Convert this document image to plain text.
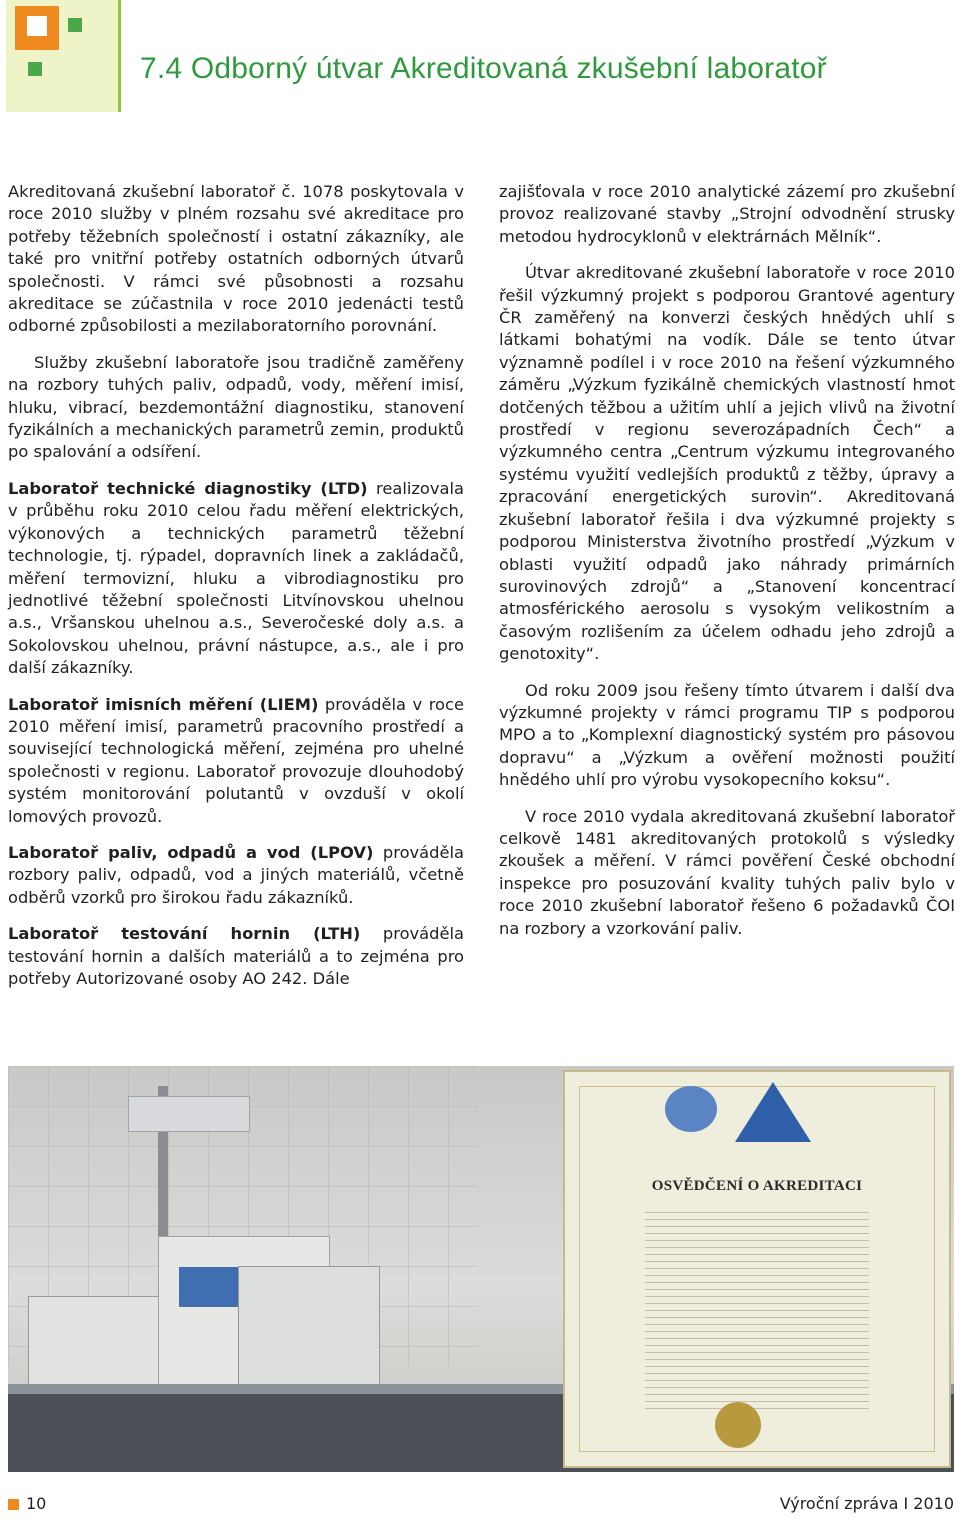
7.4 Odborný útvar Akreditovaná zkušební laboratoř

Akreditovaná zkušební laboratoř č. 1078 poskytovala v roce 2010 služby v plném rozsahu své akreditace pro potřeby těžebních společností i ostatní zákazníky, ale také pro vnitřní potřeby ostatních odborných útvarů společnosti. V rámci své působnosti a rozsahu akreditace se zúčastnila v roce 2010 jedenácti testů odborné způsobilosti a mezilaboratorního porovnání.

Služby zkušební laboratoře jsou tradičně zaměřeny na rozbory tuhých paliv, odpadů, vody, měření imisí, hluku, vibrací, bezdemontážní diagnostiku, stanovení fyzikálních a mechanických parametrů zemin, produktů po spalování a odsíření.

Laboratoř technické diagnostiky (LTD) realizovala v průběhu roku 2010 celou řadu měření elektrických, výkonových a technických parametrů těžební technologie, tj. rýpadel, dopravních linek a zakládačů, měření termovizní, hluku a vibrodiagnostiku pro jednotlivé těžební společnosti Litvínovskou uhelnou a.s., Vršanskou uhelnou a.s., Severočeské doly a.s. a Sokolovskou uhelnou, právní nástupce, a.s., ale i pro další zákazníky.

Laboratoř imisních měření (LIEM) prováděla v roce 2010 měření imisí, parametrů pracovního prostředí a související technologická měření, zejména pro uhelné společnosti v regionu. Laboratoř provozuje dlouhodobý systém monitorování polutantů v ovzduší v okolí lomových provozů.

Laboratoř paliv, odpadů a vod (LPOV) prováděla rozbory paliv, odpadů, vod a jiných materiálů, včetně odběrů vzorků pro širokou řadu zákazníků.

Laboratoř testování hornin (LTH) prováděla testování hornin a dalších materiálů a to zejména pro potřeby Autorizované osoby AO 242. Dále

zajišťovala v roce 2010 analytické zázemí pro zkušební provoz realizované stavby „Strojní odvodnění strusky metodou hydrocyklonů v elektrárnách Mělník“.

Útvar akreditované zkušební laboratoře v roce 2010 řešil výzkumný projekt s podporou Grantové agentury ČR zaměřený na konverzi českých hnědých uhlí s látkami bohatými na vodík. Dále se tento útvar významně podílel i v roce 2010 na řešení výzkumného záměru „Výzkum fyzikálně chemických vlastností hmot dotčených těžbou a užitím uhlí a jejich vlivů na životní prostředí v regionu severozápadních Čech“ a výzkumného centra „Centrum výzkumu integrovaného systému využití vedlejších produktů z těžby, úpravy a zpracování energetických surovin“. Akreditovaná zkušební laboratoř řešila i dva výzkumné projekty s podporou Ministerstva životního prostředí „Výzkum v oblasti využití odpadů jako náhrady primárních surovinových zdrojů“ a „Stanovení koncentrací atmosférického aerosolu s vysokým velikostním a časovým rozlišením za účelem odhadu jeho zdrojů a genotoxity“.

Od roku 2009 jsou řešeny tímto útvarem i další dva výzkumné projekty v rámci programu TIP s podporou MPO a to „Komplexní diagnostický systém pro pásovou dopravu“ a „Výzkum a ověření možnosti použití hnědého uhlí pro výrobu vysokopecního koksu“.

V roce 2010 vydala akreditovaná zkušební laboratoř celkově 1481 akreditovaných protokolů s výsledky zkoušek a měření. V rámci pověření České obchodní inspekce pro posuzování kvality tuhých paliv bylo v roce 2010 zkušební laboratoř řešeno 6 požadavků ČOI na rozbory a vzorkování paliv.

OSVĚDČENÍ O AKREDITACI
10	Výroční zpráva I 2010
